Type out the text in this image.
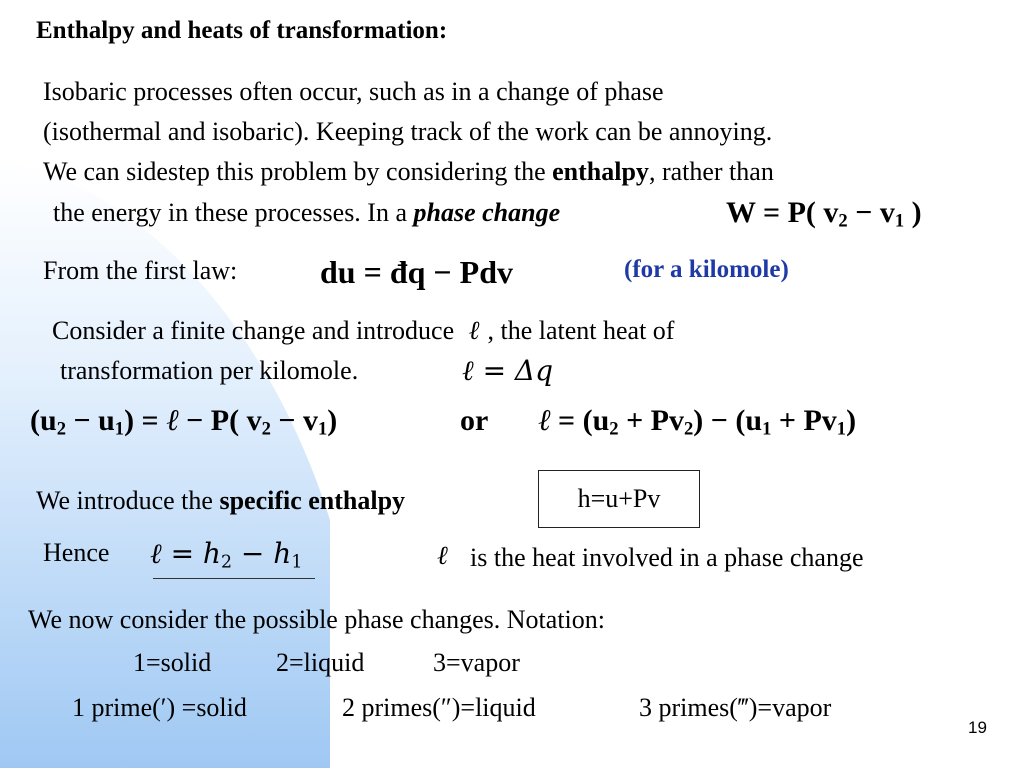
Enthalpy and heats of transformation:
Isobaric processes often occur, such as in a change of phase
(isothermal and isobaric). Keeping track of the work can be annoying.
We can sidestep this problem by considering the enthalpy, rather than
the energy in these processes. In a phase change	W = P( $v_2 - v_1$ )
From the first law:	du = đq − Pdv	(for a kilomole)
Consider a finite change and introduce ℓ , the latent heat of
transformation per kilomole.	ℓ = Δq
$(u_2 - u_1)$ = ℓ − P( $v_2 - v_1$)	or ℓ = $(u_2 + Pv_2) - (u_1 + Pv_1)$
We introduce the specific enthalpy	h=u+Pv
Hence ℓ = $h_2 - h_1$	ℓ is the heat involved in a phase change
We now consider the possible phase changes. Notation:
1=solid 2=liquid	3=vapor
1 prime(′) =solid	2 primes(″)=liquid	3 primes(‴)=vapor
19
